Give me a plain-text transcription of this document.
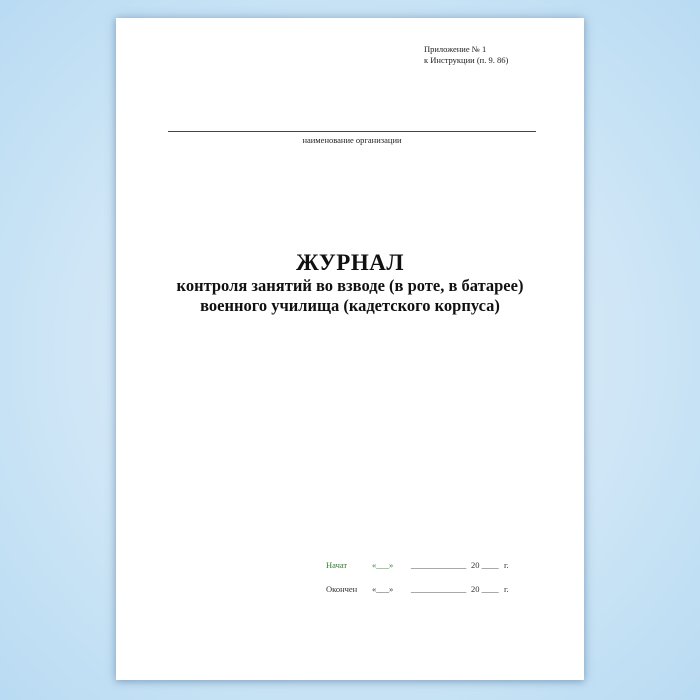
Приложение № 1
к Инструкции (п. 9. 86)
наименование организации
ЖУРНАЛ
контроля занятий во взводе (в роте, в батарее)
военного училища (кадетского корпуса)
Начат	«___» _____________ 20 ____ г.
Окончен «___» _____________ 20 ____ г.
